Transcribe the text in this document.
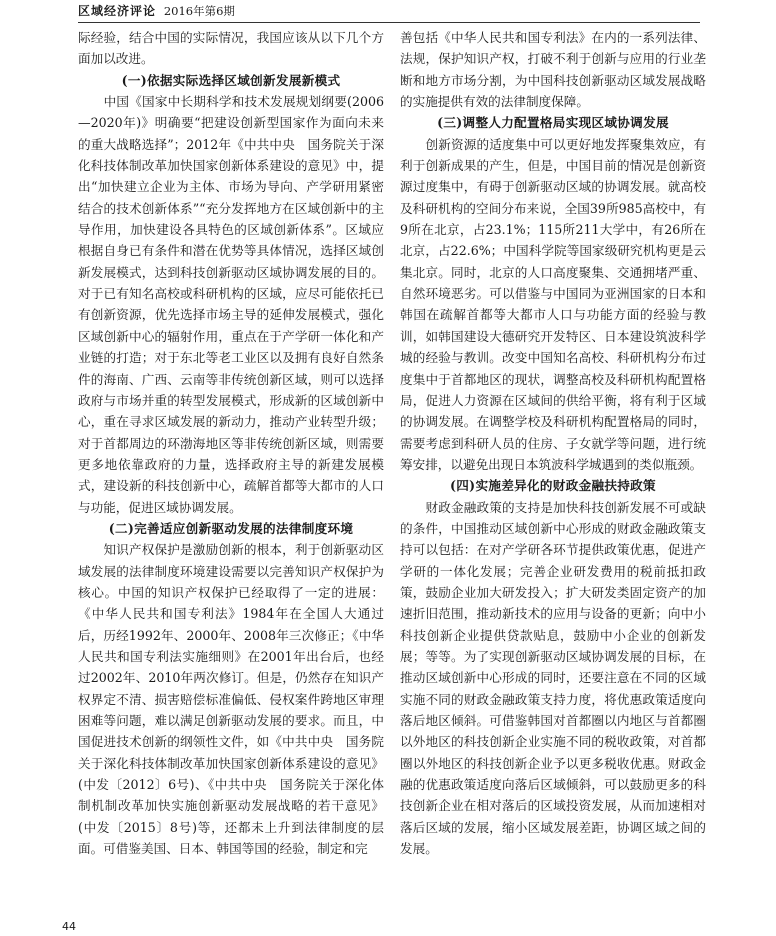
区域经济评论 2016年第6期

际经验，结合中国的实际情况，我国应该从以下几个方面加以改进。

(一)依据实际选择区域创新发展新模式

　　中国《国家中长期科学和技术发展规划纲要(2006—2020年)》明确要“把建设创新型国家作为面向未来的重大战略选择”；2012年《中共中央　国务院关于深化科技体制改革加快国家创新体系建设的意见》中，提出“加快建立企业为主体、市场为导向、产学研用紧密结合的技术创新体系”“充分发挥地方在区域创新中的主导作用，加快建设各具特色的区域创新体系”。区域应根据自身已有条件和潜在优势等具体情况，选择区域创新发展模式，达到科技创新驱动区域协调发展的目的。对于已有知名高校或科研机构的区域，应尽可能依托已有创新资源，优先选择市场主导的延伸发展模式，强化区域创新中心的辐射作用，重点在于产学研一体化和产业链的打造；对于东北等老工业区以及拥有良好自然条件的海南、广西、云南等非传统创新区域，则可以选择政府与市场并重的转型发展模式，形成新的区域创新中心，重在寻求区域发展的新动力，推动产业转型升级；对于首都周边的环渤海地区等非传统创新区域，则需要更多地依靠政府的力量，选择政府主导的新建发展模式，建设新的科技创新中心，疏解首都等大都市的人口与功能，促进区域协调发展。

(二)完善适应创新驱动发展的法律制度环境

　　知识产权保护是激励创新的根本，利于创新驱动区域发展的法律制度环境建设需要以完善知识产权保护为核心。中国的知识产权保护已经取得了一定的进展：《中华人民共和国专利法》1984年在全国人大通过后，历经1992年、2000年、2008年三次修正；《中华人民共和国专利法实施细则》在2001年出台后，也经过2002年、2010年两次修订。但是，仍然存在知识产权界定不清、损害赔偿标准偏低、侵权案件跨地区审理困难等问题，难以满足创新驱动发展的要求。而且，中国促进技术创新的纲领性文件，如《中共中央　国务院关于深化科技体制改革加快国家创新体系建设的意见》(中发〔2012〕6号)、《中共中央　国务院关于深化体制机制改革加快实施创新驱动发展战略的若干意见》(中发〔2015〕8号)等，还都未上升到法律制度的层面。可借鉴美国、日本、韩国等国的经验，制定和完

善包括《中华人民共和国专利法》在内的一系列法律、法规，保护知识产权，打破不利于创新与应用的行业垄断和地方市场分割，为中国科技创新驱动区域发展战略的实施提供有效的法律制度保障。

(三)调整人力配置格局实现区域协调发展

　　创新资源的适度集中可以更好地发挥聚集效应，有利于创新成果的产生，但是，中国目前的情况是创新资源过度集中，有碍于创新驱动区域的协调发展。就高校及科研机构的空间分布来说，全国39所985高校中，有9所在北京，占23.1%；115所211大学中，有26所在北京，占22.6%；中国科学院等国家级研究机构更是云集北京。同时，北京的人口高度聚集、交通拥堵严重、自然环境恶劣。可以借鉴与中国同为亚洲国家的日本和韩国在疏解首都等大都市人口与功能方面的经验与教训，如韩国建设大德研究开发特区、日本建设筑波科学城的经验与教训。改变中国知名高校、科研机构分布过度集中于首都地区的现状，调整高校及科研机构配置格局，促进人力资源在区域间的供给平衡，将有利于区域的协调发展。在调整学校及科研机构配置格局的同时，需要考虑到科研人员的住房、子女就学等问题，进行统筹安排，以避免出现日本筑波科学城遇到的类似瓶颈。

(四)实施差异化的财政金融扶持政策

　　财政金融政策的支持是加快科技创新发展不可或缺的条件，中国推动区域创新中心形成的财政金融政策支持可以包括：在对产学研各环节提供政策优惠，促进产学研的一体化发展；完善企业研发费用的税前抵扣政策，鼓励企业加大研发投入；扩大研发类固定资产的加速折旧范围，推动新技术的应用与设备的更新；向中小科技创新企业提供贷款贴息，鼓励中小企业的创新发展；等等。为了实现创新驱动区域协调发展的目标，在推动区域创新中心形成的同时，还要注意在不同的区域实施不同的财政金融政策支持力度，将优惠政策适度向落后地区倾斜。可借鉴韩国对首都圈以内地区与首都圈以外地区的科技创新企业实施不同的税收政策，对首都圈以外地区的科技创新企业予以更多税收优惠。财政金融的优惠政策适度向落后区域倾斜，可以鼓励更多的科技创新企业在相对落后的区域投资发展，从而加速相对落后区域的发展，缩小区域发展差距，协调区域之间的发展。

44
